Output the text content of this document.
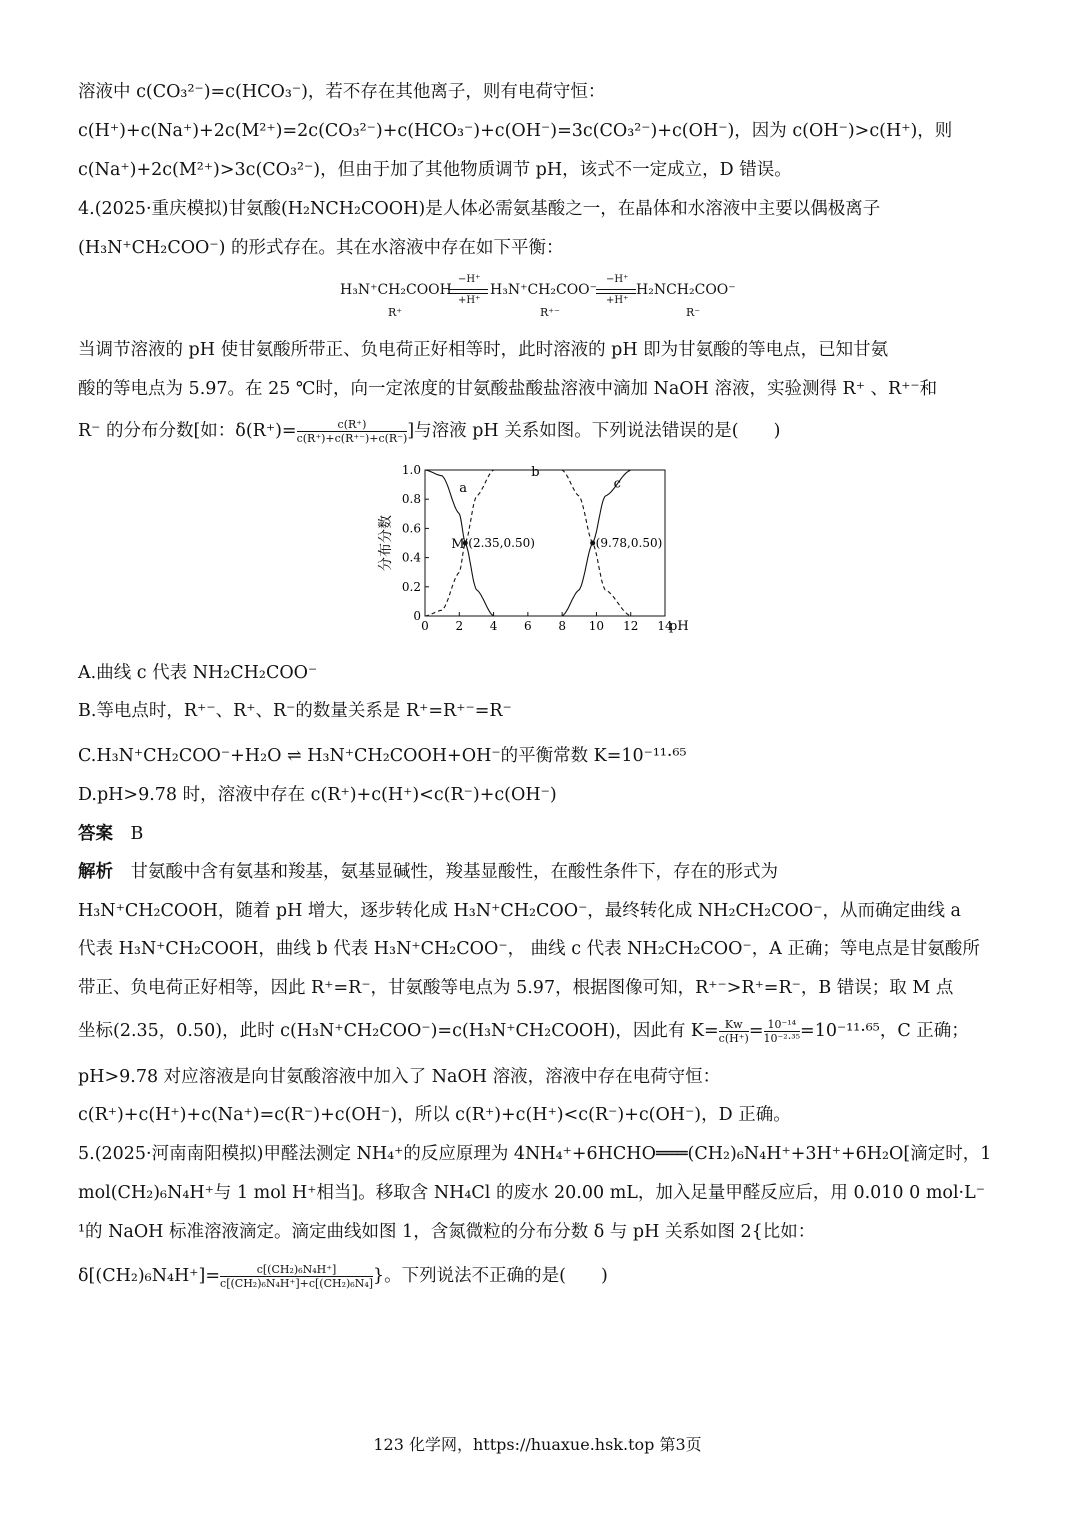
溶液中 c(CO₃²⁻)=c(HCO₃⁻)，若不存在其他离子，则有电荷守恒：
c(H⁺)+c(Na⁺)+2c(M²⁺)=2c(CO₃²⁻)+c(HCO₃⁻)+c(OH⁻)=3c(CO₃²⁻)+c(OH⁻)，因为 c(OH⁻)>c(H⁺)，则
c(Na⁺)+2c(M²⁺)>3c(CO₃²⁻)，但由于加了其他物质调节 pH，该式不一定成立，D 错误。
4.(2025·重庆模拟)甘氨酸(H₂NCH₂COOH)是人体必需氨基酸之一，在晶体和水溶液中主要以偶极离子
(H₃N⁺CH₂COO⁻) 的形式存在。其在水溶液中存在如下平衡：
H₃N⁺CH₂COOH
−H⁺
+H⁺
H₃N⁺CH₂COO⁻
−H⁺
+H⁺
H₂NCH₂COO⁻
R⁺	R⁺⁻	R⁻
当调节溶液的 pH 使甘氨酸所带正、负电荷正好相等时，此时溶液的 pH 即为甘氨酸的等电点，已知甘氨
酸的等电点为 5.97。在 25 ℃时，向一定浓度的甘氨酸盐酸盐溶液中滴加 NaOH 溶液，实验测得 R⁺ 、R⁺⁻和
R⁻ 的分布分数[如：$\delta(R^+)= \frac{c(R^+)}{c(R^+)+c(R^{+-})+c(R^-)}$ ]与溶液 pH 关系如图。下列说法错误的是(　　)
0 2 4 6 8 10 12 14
pH
0
0.2
0.4
0.6
0.8
1.0
分布分数
a
b
c
M (2.35,0.50)	(9.78,0.50)
A.曲线 c 代表 NH₂CH₂COO⁻
B.等电点时，R⁺⁻、R⁺、R⁻的数量关系是 R⁺=R⁺⁻=R⁻
C.H₃N⁺CH₂COO⁻+H₂O ⇌ H₃N⁺CH₂COOH+OH⁻的平衡常数 K=10⁻¹¹·⁶⁵
D.pH>9.78 时，溶液中存在 c(R⁺)+c(H⁺)<c(R⁻)+c(OH⁻)
答案　 B
解析　 甘氨酸中含有氨基和羧基，氨基显碱性，羧基显酸性，在酸性条件下，存在的形式为
H₃N⁺CH₂COOH，随着 pH 增大，逐步转化成 H₃N⁺CH₂COO⁻，最终转化成 NH₂CH₂COO⁻，从而确定曲线 a
代表 H₃N⁺CH₂COOH，曲线 b 代表 H₃N⁺CH₂COO⁻， 曲线 c 代表 NH₂CH₂COO⁻，A 正确；等电点是甘氨酸所
带正、负电荷正好相等，因此 R⁺=R⁻，甘氨酸等电点为 5.97，根据图像可知，R⁺⁻>R⁺=R⁻，B 错误；取 M 点
坐标(2.35，0.50)，此时 c(H₃N⁺CH₂COO⁻)=c(H₃N⁺CH₂COOH)，因此有 $K= \frac{Kw}{c(H^+)} = \frac{\text{10⁻¹⁴}}{\text{10⁻²·³⁵}} =10^{-11}\cdot^{65}$，C 正确；
pH>9.78 对应溶液是向甘氨酸溶液中加入了 NaOH 溶液，溶液中存在电荷守恒：
c(R⁺)+c(H⁺)+c(Na⁺)=c(R⁻)+c(OH⁻)，所以 c(R⁺)+c(H⁺)<c(R⁻)+c(OH⁻)，D 正确。
5.(2025·河南南阳模拟)甲醛法测定 NH₄⁺的反应原理为 4NH₄⁺+6HCHO═══(CH₂)₆N₄H⁺+3H⁺+6H₂O[滴定时，1
mol(CH₂)₆N₄H⁺与 1 mol H⁺相当]。移取含 NH₄Cl 的废水 20.00 mL，加入足量甲醛反应后，用 0.010 0 mol·L⁻
¹的 NaOH 标准溶液滴定。滴定曲线如图 1，含氮微粒的分布分数 δ 与 pH 关系如图 2{比如：
$\delta[(CH_2)_6N_4H^+]= \frac{\text{c[(CH₂)₆N₄H⁺]}}{\text{c[(CH₂)₆N₄H⁺]+c[(CH₂)₆N₄]}}$ }。下列说法不正确的是(　　)
123 化学网，https://huaxue.hsk.top 第3页
